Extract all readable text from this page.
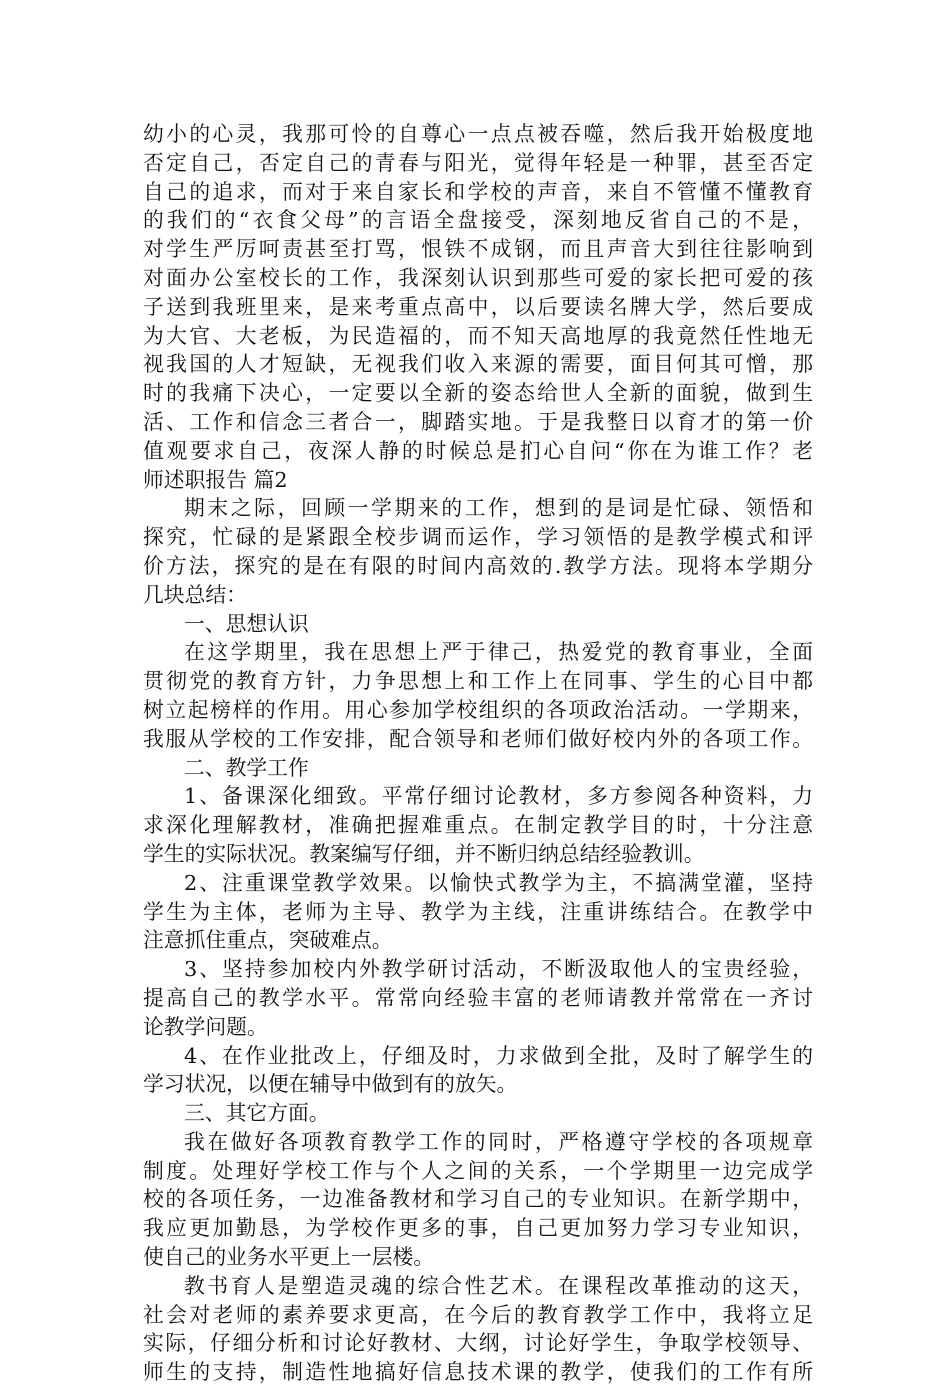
幼小的心灵，我那可怜的自尊心一点点被吞噬，然后我开始极度地
否定自己，否定自己的青春与阳光，觉得年轻是一种罪，甚至否定
自己的追求，而对于来自家长和学校的声音，来自不管懂不懂教育
的我们的“衣食父母”的言语全盘接受，深刻地反省自己的不是，
对学生严厉呵责甚至打骂，恨铁不成钢，而且声音大到往往影响到
对面办公室校长的工作，我深刻认识到那些可爱的家长把可爱的孩
子送到我班里来，是来考重点高中，以后要读名牌大学，然后要成
为大官、大老板，为民造福的，而不知天高地厚的我竟然任性地无
视我国的人才短缺，无视我们收入来源的需要，面目何其可憎，那
时的我痛下决心，一定要以全新的姿态给世人全新的面貌，做到生
活、工作和信念三者合一，脚踏实地。于是我整日以育才的第一价
值观要求自己，夜深人静的时候总是扪心自问“你在为谁工作？老
师述职报告 篇2
期末之际，回顾一学期来的工作，想到的是词是忙碌、领悟和
探究，忙碌的是紧跟全校步调而运作，学习领悟的是教学模式和评
价方法，探究的是在有限的时间内高效的.教学方法。现将本学期分
几块总结：
一、思想认识
在这学期里，我在思想上严于律己，热爱党的教育事业，全面
贯彻党的教育方针，力争思想上和工作上在同事、学生的心目中都
树立起榜样的作用。用心参加学校组织的各项政治活动。一学期来，
我服从学校的工作安排，配合领导和老师们做好校内外的各项工作。
二、教学工作
1、备课深化细致。平常仔细讨论教材，多方参阅各种资料，力
求深化理解教材，准确把握难重点。在制定教学目的时，十分注意
学生的实际状况。教案编写仔细，并不断归纳总结经验教训。
2、注重课堂教学效果。以愉快式教学为主，不搞满堂灌，坚持
学生为主体，老师为主导、教学为主线，注重讲练结合。在教学中
注意抓住重点，突破难点。
3、坚持参加校内外教学研讨活动，不断汲取他人的宝贵经验，
提高自己的教学水平。常常向经验丰富的老师请教并常常在一齐讨
论教学问题。
4、在作业批改上，仔细及时，力求做到全批，及时了解学生的
学习状况，以便在辅导中做到有的放矢。
三、其它方面。
我在做好各项教育教学工作的同时，严格遵守学校的各项规章
制度。处理好学校工作与个人之间的关系，一个学期里一边完成学
校的各项任务，一边准备教材和学习自己的专业知识。在新学期中，
我应更加勤恳，为学校作更多的事，自己更加努力学习专业知识，
使自己的业务水平更上一层楼。
教书育人是塑造灵魂的综合性艺术。在课程改革推动的这天，
社会对老师的素养要求更高，在今后的教育教学工作中，我将立足
实际，仔细分析和讨论好教材、大纲，讨论好学生，争取学校领导、
师生的支持，制造性地搞好信息技术课的教学，使我们的工作有所
